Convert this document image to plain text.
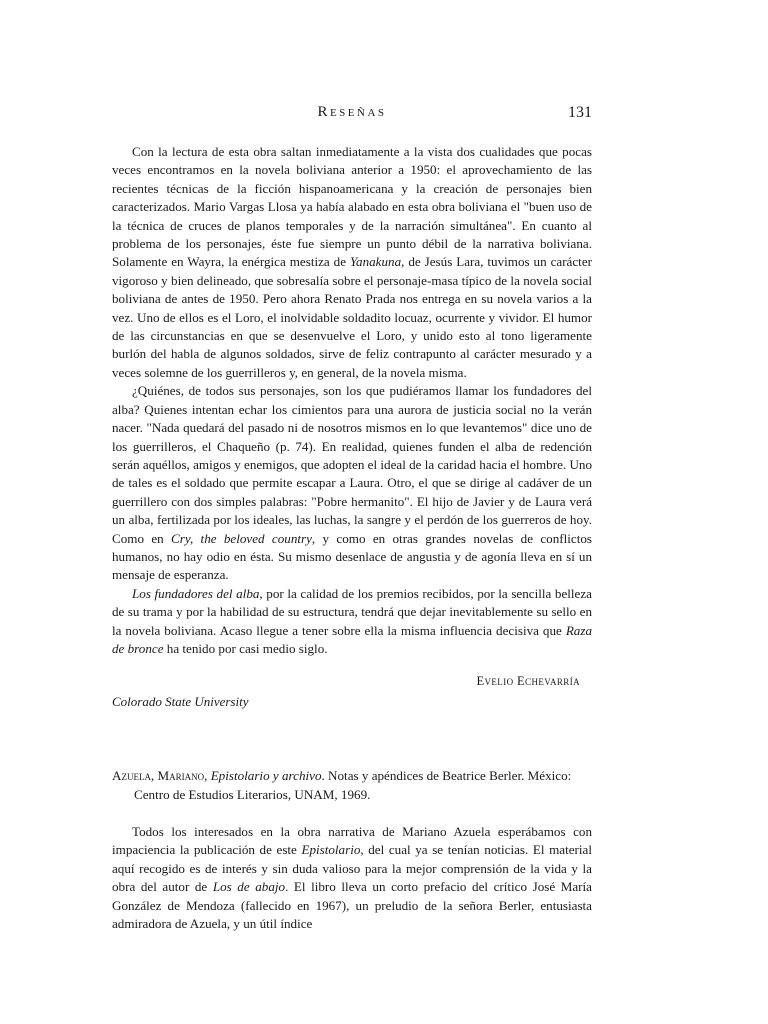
Reseñas	131

Con la lectura de esta obra saltan inmediatamente a la vista dos cualidades que pocas veces encontramos en la novela boliviana anterior a 1950: el aprovechamiento de las recientes técnicas de la ficción hispanoamericana y la creación de personajes bien caracterizados. Mario Vargas Llosa ya había alabado en esta obra boliviana el "buen uso de la técnica de cruces de planos temporales y de la narración simultánea". En cuanto al problema de los personajes, éste fue siempre un punto débil de la narrativa boliviana. Solamente en Wayra, la enérgica mestiza de Yanakuna, de Jesús Lara, tuvimos un carácter vigoroso y bien delineado, que sobresalía sobre el personaje-masa típico de la novela social boliviana de antes de 1950. Pero ahora Renato Prada nos entrega en su novela varios a la vez. Uno de ellos es el Loro, el inolvidable soldadito locuaz, ocurrente y vividor. El humor de las circunstancias en que se desenvuelve el Loro, y unido esto al tono ligeramente burlón del habla de algunos soldados, sirve de feliz contrapunto al carácter mesurado y a veces solemne de los guerrilleros y, en general, de la novela misma.

¿Quiénes, de todos sus personajes, son los que pudiéramos llamar los fundadores del alba? Quienes intentan echar los cimientos para una aurora de justicia social no la verán nacer. "Nada quedará del pasado ni de nosotros mismos en lo que levantemos" dice uno de los guerrilleros, el Chaqueño (p. 74). En realidad, quienes funden el alba de redención serán aquéllos, amigos y enemigos, que adopten el ideal de la caridad hacia el hombre. Uno de tales es el soldado que permite escapar a Laura. Otro, el que se dirige al cadáver de un guerrillero con dos simples palabras: "Pobre hermanito". El hijo de Javier y de Laura verá un alba, fertilizada por los ideales, las luchas, la sangre y el perdón de los guerreros de hoy. Como en Cry, the beloved country, y como en otras grandes novelas de conflictos humanos, no hay odio en ésta. Su mismo desenlace de angustia y de agonía lleva en sí un mensaje de esperanza.

Los fundadores del alba, por la calidad de los premios recibidos, por la sencilla belleza de su trama y por la habilidad de su estructura, tendrá que dejar inevitablemente su sello en la novela boliviana. Acaso llegue a tener sobre ella la misma influencia decisiva que Raza de bronce ha tenido por casi medio siglo.

Evelio Echevarría
Colorado State University
Azuela, Mariano, Epistolario y archivo. Notas y apéndices de Beatrice Berler. México: Centro de Estudios Literarios, UNAM, 1969.

Todos los interesados en la obra narrativa de Mariano Azuela esperábamos con impaciencia la publicación de este Epistolario, del cual ya se tenían noticias. El material aquí recogido es de interés y sin duda valioso para la mejor comprensión de la vida y la obra del autor de Los de abajo. El libro lleva un corto prefacio del crítico José María González de Mendoza (fallecido en 1967), un preludio de la señora Berler, entusiasta admiradora de Azuela, y un útil índice
